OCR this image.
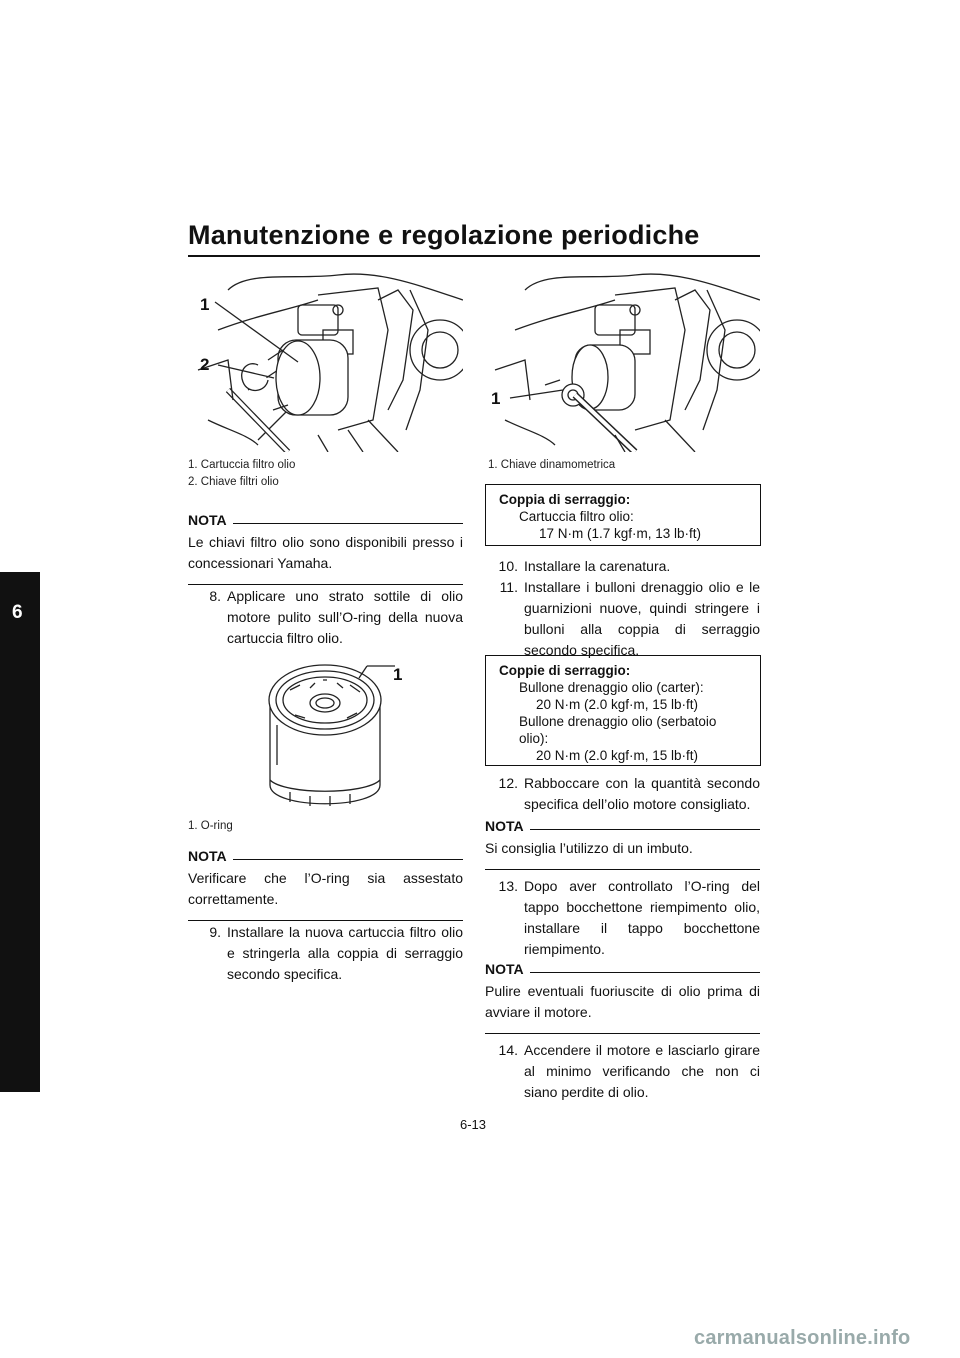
Manutenzione e regolazione periodiche
6
1
2
1. Cartuccia filtro olio
2. Chiave filtri olio
NOTA
Le chiavi filtro olio sono disponibili presso i concessionari Yamaha.
8. Applicare uno strato sottile di olio motore pulito sull’O-ring della nuova cartuccia filtro olio.
1
1. O-ring
NOTA
Verificare che l’O-ring sia assestato correttamente.
9. Installare la nuova cartuccia filtro olio e stringerla alla coppia di serraggio secondo specifica.
1
1. Chiave dinamometrica
Coppia di serraggio:
Cartuccia filtro olio:
17 N·m (1.7 kgf·m, 13 lb·ft)
10. Installare la carenatura.
11. Installare i bulloni drenaggio olio e le guarnizioni nuove, quindi stringere i bulloni alla coppia di serraggio secondo specifica.
Coppie di serraggio:
Bullone drenaggio olio (carter):
20 N·m (2.0 kgf·m, 15 lb·ft)
Bullone drenaggio olio (serbatoio olio):
20 N·m (2.0 kgf·m, 15 lb·ft)
12. Rabboccare con la quantità secondo specifica dell’olio motore consigliato.
NOTA
Si consiglia l’utilizzo di un imbuto.
13. Dopo aver controllato l’O-ring del tappo bocchettone riempimento olio, installare il tappo bocchettone riempimento.
NOTA
Pulire eventuali fuoriuscite di olio prima di avviare il motore.
14. Accendere il motore e lasciarlo girare al minimo verificando che non ci siano perdite di olio.
6-13
carmanualsonline.info
